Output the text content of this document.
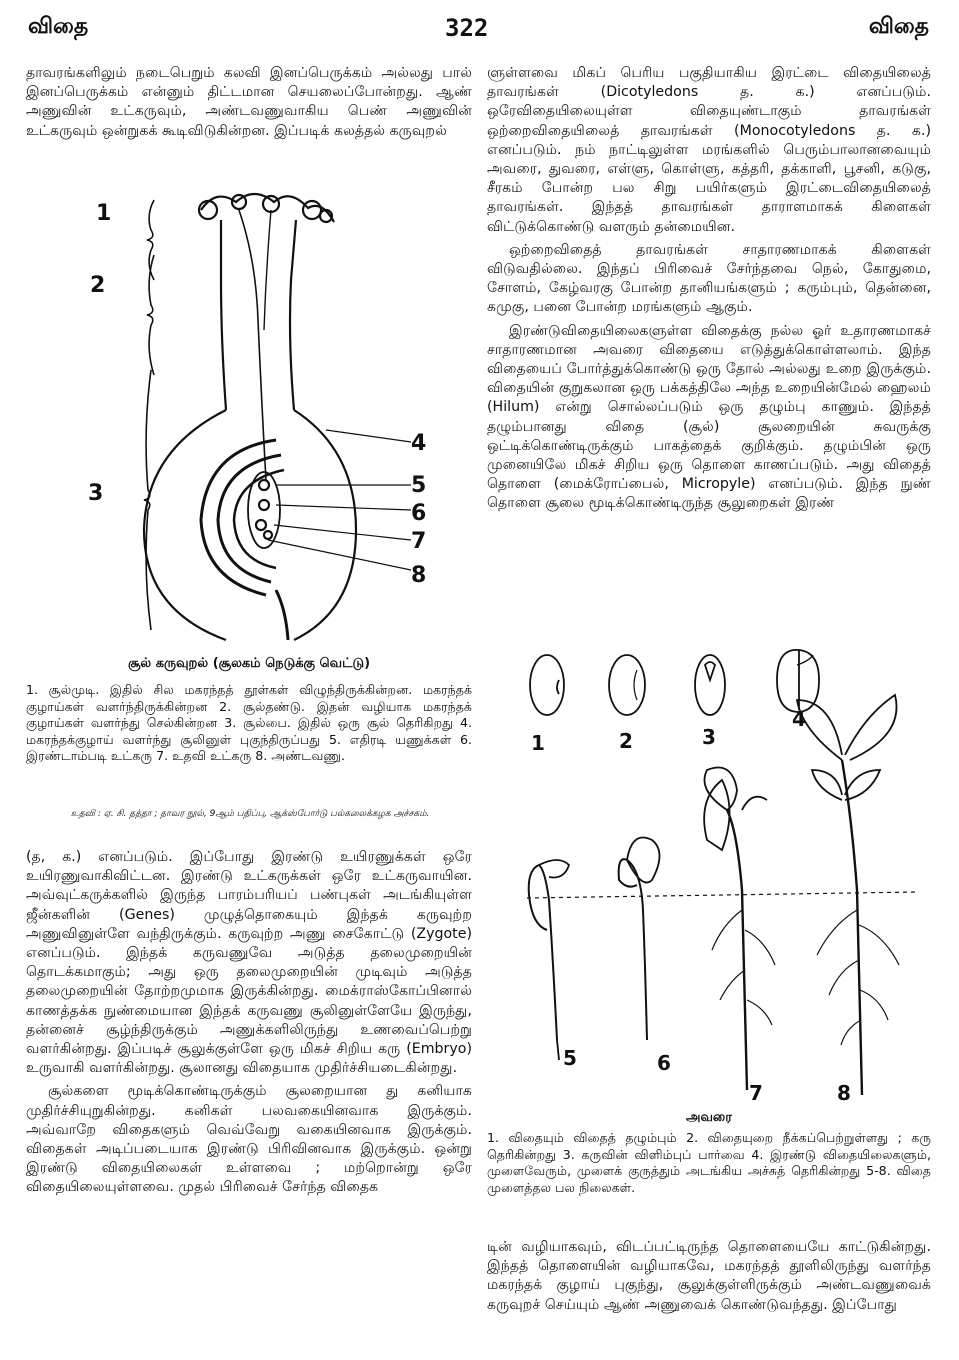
விதை	322	விதை

தாவரங்களிலும் நடைபெறும் கலவி இனப்பெருக்கம் அல்லது பால் இனப்பெருக்கம் என்னும் திட்டமான செயலைப்போன்றது. ஆண் அணுவின் உட்கருவும், அண்டவணுவாகிய பெண் அணுவின் உட்கருவும் ஒன்றுகக் கூடிவிடுகின்றன. இப்படிக் கலத்தல் கருவுறல்

1
2
3
4
5
6
7
8
சூல் கருவுறல் (சூலகம் நெடுக்கு வெட்டு)
1. சூல்முடி. இதில் சில மகரந்தத் தூள்கள் விழுந்திருக்கின்றன. மகரந்தக் குழாய்கள் வளர்ந்திருக்கின்றன 2. சூல்தண்டு. இதன் வழியாக மகரந்தக் குழாய்கள் வளர்ந்து செல்கின்றன 3. சூல்பை. இதில் ஒரு சூல் தெரிகிறது 4. மகரந்தக்குழாய் வளர்ந்து சூலினுள் புகுந்திருப்பது 5. எதிரடி யணுக்கள் 6. இரண்டாம்படி உட்கரு 7. உதவி உட்கரு 8. அண்டவணு.
உதவி : ஏ. சி. தத்தா ; தாவர நூல், 9ஆம் பதிப்பு, ஆக்ஸ்போர்டு பல்கலைக்கழக அச்சகம்.

(த, க.) எனப்படும். இப்போது இரண்டு உயிரணுக்கள் ஒரே உயிரணுவாகிவிட்டன. இரண்டு உட்கருக்கள் ஒரே உட்கருவாயின. அவ்வுட்கருக்களில் இருந்த பாரம்பரியப் பண்புகள் அடங்கியுள்ள ஜீன்களின் (Genes) முழுத்தொகையும் இந்தக் கருவுற்ற அணுவினுள்ளே வந்திருக்கும். கருவுற்ற அணு சைகோட்டு (Zygote) எனப்படும். இந்தக் கருவணுவே அடுத்த தலைமுறையின் தொடக்கமாகும்; அது ஒரு தலைமுறையின் முடிவும் அடுத்த தலைமுறையின் தோற்றமுமாக இருக்கின்றது. மைக்ராஸ்கோப்பினால் காணத்தக்க நுண்மையான இந்தக் கருவணு சூலினுள்ளேயே இருந்து, தன்னைச் சூழ்ந்திருக்கும் அணுக்களிலிருந்து உணவைப்பெற்று வளர்கின்றது. இப்படிச் சூலுக்குள்ளே ஒரு மிகச் சிறிய கரு (Embryo) உருவாகி வளர்கின்றது. சூலானது விதையாக முதிர்ச்சியடைகின்றது.

சூல்களை மூடிக்கொண்டிருக்கும் சூலறையான து கனியாக முதிர்ச்சியுறுகின்றது. கனிகள் பலவகையினவாக இருக்கும். அவ்வாறே விதைகளும் வெவ்வேறு வகையினவாக இருக்கும். விதைகள் அடிப்படையாக இரண்டு பிரிவினவாக இருக்கும். ஒன்று இரண்டு விதையிலைகள் உள்ளவை ; மற்றொன்று ஒரே விதையிலையுள்ளவை. முதல் பிரிவைச் சேர்ந்த விதைக

ளுள்ளவை மிகப் பெரிய பகுதியாகிய இரட்டை விதையிலைத் தாவரங்கள் (Dicotyledons த. க.) எனப்படும். ஒரேவிதையிலையுள்ள விதையுண்டாகும் தாவரங்கள் ஒற்றைவிதையிலைத் தாவரங்கள் (Monocotyledons த. க.) எனப்படும். நம் நாட்டிலுள்ள மரங்களில் பெரும்பாலானவையும் அவரை, துவரை, எள்ளு, கொள்ளு, கத்தரி, தக்காளி, பூசனி, கடுகு, சீரகம் போன்ற பல சிறு பயிர்களும் இரட்டைவிதையிலைத் தாவரங்கள். இந்தத் தாவரங்கள் தாராளமாகக் கிளைகள் விட்டுக்கொண்டு வளரும் தன்மையின.

ஒற்றைவிதைத் தாவரங்கள் சாதாரணமாகக் கிளைகள் விடுவதில்லை. இந்தப் பிரிவைச் சேர்ந்தவை நெல், கோதுமை, சோளம், கேழ்வரகு போன்ற தானியங்களும் ; கரும்பும், தென்னை, கமுகு, பனை போன்ற மரங்களும் ஆகும்.

இரண்டுவிதையிலைகளுள்ள விதைக்கு நல்ல ஓர் உதாரணமாகச் சாதாரணமான அவரை விதையை எடுத்துக்கொள்ளலாம். இந்த விதையைப் போர்த்துக்கொண்டு ஒரு தோல் அல்லது உறை இருக்கும். விதையின் குறுகலான ஒரு பக்கத்திலே அந்த உறையின்மேல் ஹைலம் (Hilum) என்று சொல்லப்படும் ஒரு தழும்பு காணும். இந்தத் தழும்பானது விதை (சூல்) சூலறையின் சுவருக்கு ஒட்டிக்கொண்டிருக்கும் பாகத்தைக் குறிக்கும். தழும்பின் ஒரு முனையிலே மிகச் சிறிய ஒரு தொளை காணப்படும். அது விதைத் தொளை (மைக்ரோப்பைல், Micropyle) எனப்படும். இந்த நுண் தொளை சூலை மூடிக்கொண்டிருந்த சூலுறைகள் இரண்

1	2	3
4
5	6
7	8
அவரை
1. விதையும் விதைத் தழும்பும் 2. விதையுறை நீக்கப்பெற்றுள்ளது ; கரு தெரிகின்றது 3. கருவின் விளிம்புப் பார்வை 4. இரண்டு விதையிலைகளும், முளைவேரும், முளைக் குருத்தும் அடங்கிய அச்சுத் தெரிகின்றது 5-8. விதை முளைத்தல பல நிலைகள்.

டின் வழியாகவும், விடப்பட்டிருந்த தொளையையே காட்டுகின்றது. இந்தத் தொளையின் வழியாகவே, மகரந்தத் தூளிலிருந்து வளர்ந்த மகரந்தக் குழாய் புகுந்து, சூலுக்குள்ளிருக்கும் அண்டவணுவைக் கருவுறச் செய்யும் ஆண் அணுவைக் கொண்டுவந்தது. இப்போது
